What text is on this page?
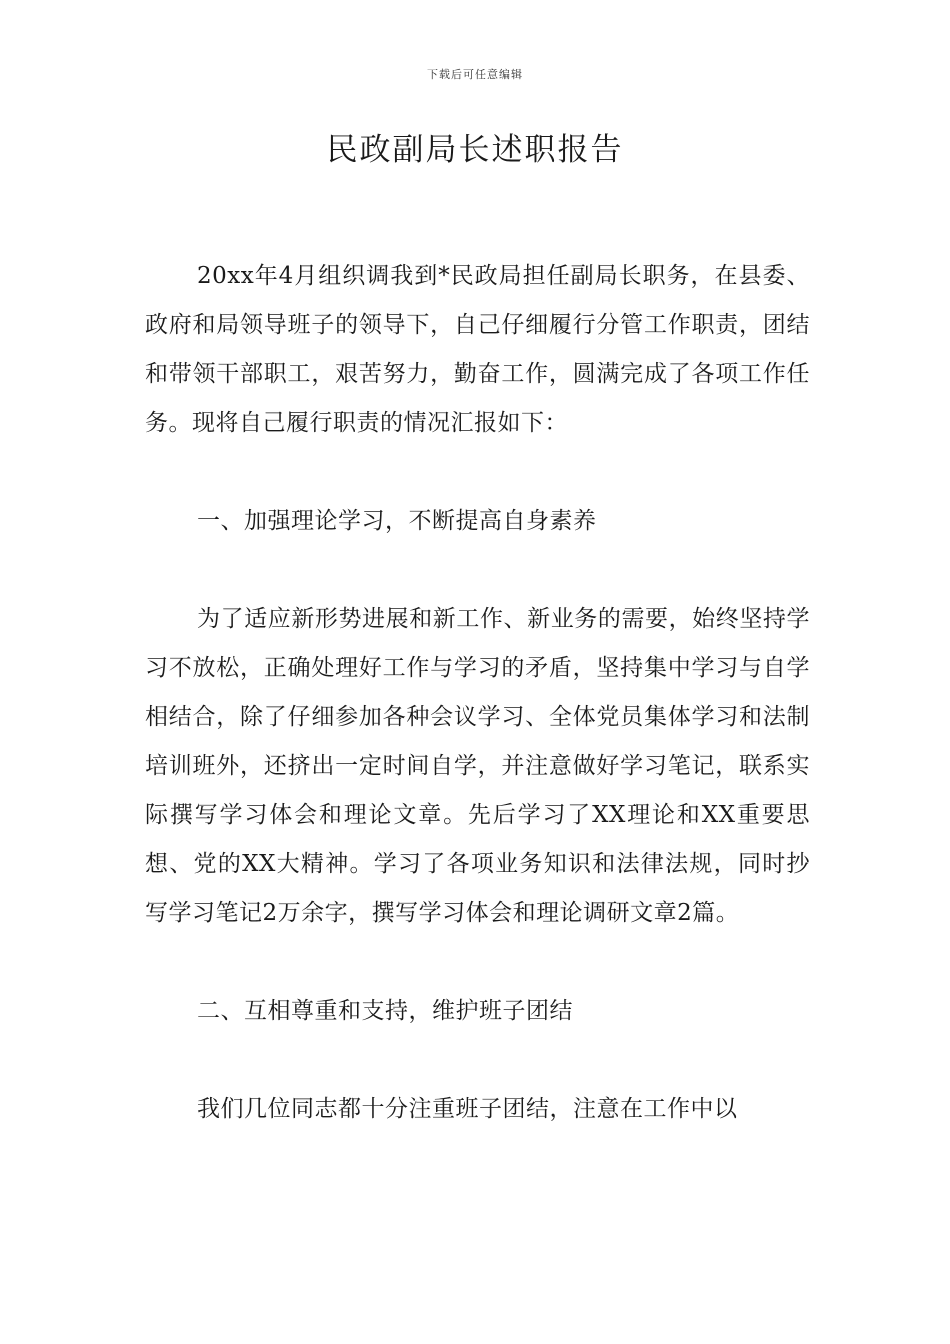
下载后可任意编辑
民政副局长述职报告

20xx年4月组织调我到*民政局担任副局长职务，在县委、政府和局领导班子的领导下，自己仔细履行分管工作职责，团结和带领干部职工，艰苦努力，勤奋工作，圆满完成了各项工作任务。现将自己履行职责的情况汇报如下：

一、加强理论学习，不断提高自身素养

为了适应新形势进展和新工作、新业务的需要，始终坚持学习不放松，正确处理好工作与学习的矛盾，坚持集中学习与自学相结合，除了仔细参加各种会议学习、全体党员集体学习和法制培训班外，还挤出一定时间自学，并注意做好学习笔记，联系实际撰写学习体会和理论文章。先后学习了XX理论和XX重要思想、党的XX大精神。学习了各项业务知识和法律法规，同时抄写学习笔记2万余字，撰写学习体会和理论调研文章2篇。

二、互相尊重和支持，维护班子团结

我们几位同志都十分注重班子团结，注意在工作中以
